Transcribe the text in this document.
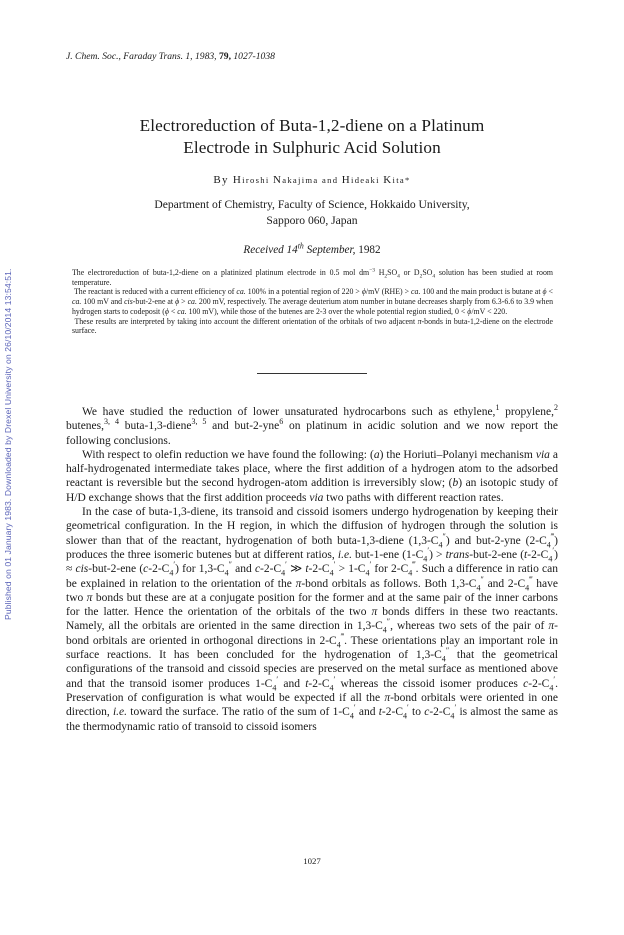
Published on 01 January 1983. Downloaded by Drexel University on 26/10/2014 13:54:51.
J. Chem. Soc., Faraday Trans. 1, 1983, 79, 1027-1038
Electroreduction of Buta-1,2-diene on a Platinum
Electrode in Sulphuric Acid Solution
By Hiroshi Nakajima and Hideaki Kita*
Department of Chemistry, Faculty of Science, Hokkaido University,
Sapporo 060, Japan
Received 14th September, 1982

The electroreduction of buta-1,2-diene on a platinized platinum electrode in 0.5 mol $dm^{-3}$ $H_2SO_4$ or $D_2SO_4$ solution has been studied at room temperature.

The reactant is reduced with a current efficiency of ca. 100% in a potential region of 220 > ϕ/mV (RHE) > ca. 100 and the main product is butane at ϕ < ca. 100 mV and cis-but-2-ene at ϕ > ca. 200 mV, respectively. The average deuterium atom number in butane decreases sharply from 6.3-6.6 to 3.9 when hydrogen starts to codeposit (ϕ < ca. 100 mV), while those of the butenes are 2-3 over the whole potential region studied, 0 < ϕ/mV < 220.

These results are interpreted by taking into account the different orientation of the orbitals of two adjacent π-bonds in buta-1,2-diene on the electrode surface.

We have studied the reduction of lower unsaturated hydrocarbons such as ethylene,$^1$ propylene,$^2$ butenes,$^{3, 4}$ buta-1,3-diene$^{3, 5}$ and but-2-yne$^6$ on platinum in acidic solution and we now report the following conclusions.

With respect to olefin reduction we have found the following: (a) the Horiuti–Polanyi mechanism via a half-hydrogenated intermediate takes place, where the first addition of a hydrogen atom to the adsorbed reactant is reversible but the second hydrogen-atom addition is irreversibly slow; (b) an isotopic study of H/D exchange shows that the first addition proceeds via two paths with different reaction rates.

In the case of buta-1,3-diene, its transoid and cissoid isomers undergo hydrogenation by keeping their geometrical configuration. In the H region, in which the diffusion of hydrogen through the solution is slower than that of the reactant, hydrogenation of both buta-1,3-diene $(1,3-C_4'')$ and but-2-yne $(2-C_4^‴)$ produces the three isomeric butenes but at different ratios, i.e. but-1-ene $(1-C_4')$ > trans-but-2-ene $(t-2-C_4') \approx cis-but-2-ene$ $(c-2-C_4')$ for $1,3-C_4''$ and $c-2-C_4'$ ≫ $t-2-C_4' > 1-C_4'$ for $2-C_4^‴$. Such a difference in ratio can be explained in relation to the orientation of the π-bond orbitals as follows. Both $1,3-C_4''$ and $2-C_4^‴$ have two π bonds but these are at a conjugate position for the former and at the same pair of the inner carbons for the latter. Hence the orientation of the orbitals of the two π bonds differs in these two reactants. Namely, all the orbitals are oriented in the same direction in $1,3-C_4''$, whereas two sets of the pair of π-bond orbitals are oriented in orthogonal directions in $2-C_4^‴$. These orientations play an important role in surface reactions. It has been concluded for the hydrogenation of $1,3-C_4''$ that the geometrical configurations of the transoid and cissoid species are preserved on the metal surface as mentioned above and that the transoid isomer produces $1-C_4'$ and $t-2-C_4'$ whereas the cissoid isomer produces $c-2-C_4'$. Preservation of configuration is what would be expected if all the π-bond orbitals were oriented in one direction, i.e. toward the surface. The ratio of the sum of $1-C_4'$ and $t-2-C_4'$ to $c-2-C_4'$ is almost the same as the thermodynamic ratio of transoid to cissoid isomers

1027
